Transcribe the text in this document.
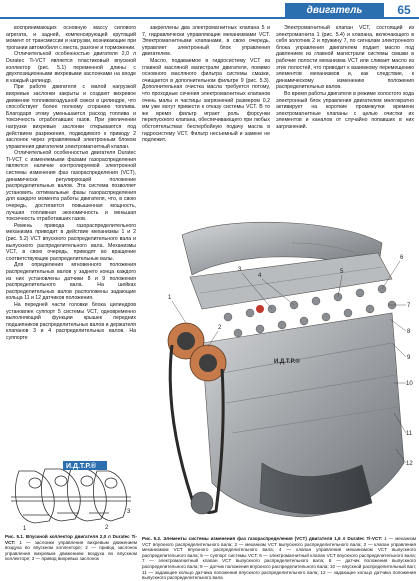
двигатель	65

воспринимающих основную массу силового агрегата, и задней, компенсирующей крутящий момент от трансмиссии и нагрузки, возникающие при трогании автомобиля с места, разгоне и торможении.

Отличительной особенностью двигателя 2,0 л Duratec Ti-VCT является пластиковый впускной коллектор (рис. 5.1) переменной длины с двухпозиционными вихревыми заслонками на входе в каждый цилиндр.

При работе двигателя с малой нагрузкой вихревые заслонки закрыты и создают вихревое движение топливовоздушной смеси в цилиндре, что способствует более полному сгоранию топлива. Благодаря этому уменьшается расход топлива и токсичность отработавших газов. При увеличении нагрузки вихревые заслонки открываются под действием разрежения, подводимого к приводу 2 заслонок через управляемый электронным блоком управления двигателем электромагнитный клапан.

Отличительной особенностью двигателя Duratec Ti-VCT с изменяемыми фазами газораспределения является наличие контролируемой электронной системы изменения фаз газораспределения (VCT), динамически регулирующей положение распределительных валов. Эта система позволяет установить оптимальные фазы газораспределения для каждого момента работы двигателя, что, в свою очередь, достигается повышенная мощность, лучшая топливная экономичность и меньшая токсичность отработавших газов.

Ремень привода газораспределительного механизма приводит в действие механизмы 1 и 2 (рис. 5.2) VCT впускного распределительного вала и выпускного распределительного вала. Механизмы VCT, в свою очередь, приводят во вращение соответствующие распределительные валы.

Для определения мгновенного положения распределительных валов у заднего конца каждого из них установлены датчики 8 и 9 положения распределительного вала. На шейках распределительных валов расположены задающие кольца 11 и 12 датчиков положения.

На передней части головки блока цилиндров установлен суппорт 5 системы VCT, одновременно выполняющий функции крышек передних подшипников распределительных валов и держателя клапанов 3 и 4 распределительных валов. На суппорте

закреплены два электромагнитных клапана 5 и 7, гидравлически управляющие механизмами VCT. Электромагнитными клапанами, в свою очередь, управляет электронный блок управления двигателем.

Масло, подаваемое в гидросистему VCT из главной масляной магистрали двигателя, помимо основного масляного фильтра системы смазки, очищается в дополнительном фильтре 9 (рис. 5.3). Дополнительная очистка масла требуется потому, что проходные сечения электромагнитных клапанов очень малы и частицы загрязнений размером 0,2 мм уже могут привести к отказу системы VCT. В то же время фильтр играет роль форсунки перепускного клапана, обеспечивающего при любых обстоятельствах беспербойную подачу масла в гидросистему VCT. Фильтр несъемный и замене не подлежит.

Электромагнитный клапан VCT, состоящий из электромагнита 1 (рис. 5.4) и клапана, включающего в себя золотник 2 и пружину 7, по сигналам электронного блока управления двигателем подает масло под давлением из главной магистрали системы смазки в рабочие полости механизма VCT или сливает масло из этих полостей, что приводит к взаимному перемещению элементов механизмов и, как следствие, к динамическому изменению положения распределительных валов.

Во время работы двигателя в режиме холостого хода электронный блок управления двигателем многократно активирует на короткие промежутки времени электромагнитные клапаны с целью очистки их элементов и каналов от случайно попавших в них загрязнений.

И.Д.Т.Р.®
1	2
3
Рис. 5.1. Впускной коллектор двигателя 2,0 л Duratec Ti-VCT: 1 — заслонки управления вихревым движением воздуха во впускном коллекторе; 2 — привод заслонок управления вихревым движением воздуха во впускном коллекторе; 3 — привод вихревых заслонок
И.Д.Т.Р.®
1
2
3
4
5
6
7
8
9
10
11
12
Рис. 5.2. Элементы системы изменения фаз газораспределения (VCT) двигателя 1,6 л Duratec Ti-VCT: 1 — механизм VCT впускного распределительного вала; 2 — механизм VCT выпускного распределительного вала; 3 — клапан управления механизмом VCT впускного распределительного вала; 4 — клапан управления механизмом VCT выпускного распределительного вала; 5 — суппорт системы VCT; 6 — электромагнитный клапан VCT впускного распределительного вала; 7 — электромагнитный клапан VCT выпускного распределительного вала; 8 — датчик положения выпускного распределительного вала; 9 — датчик положения впускного распределительного вала; 10 — впускной распределительный вал; 11 — задающее кольцо датчика положения впускного распределительного вала; 12 — задающее кольцо датчика положения выпускного распределительного вала
